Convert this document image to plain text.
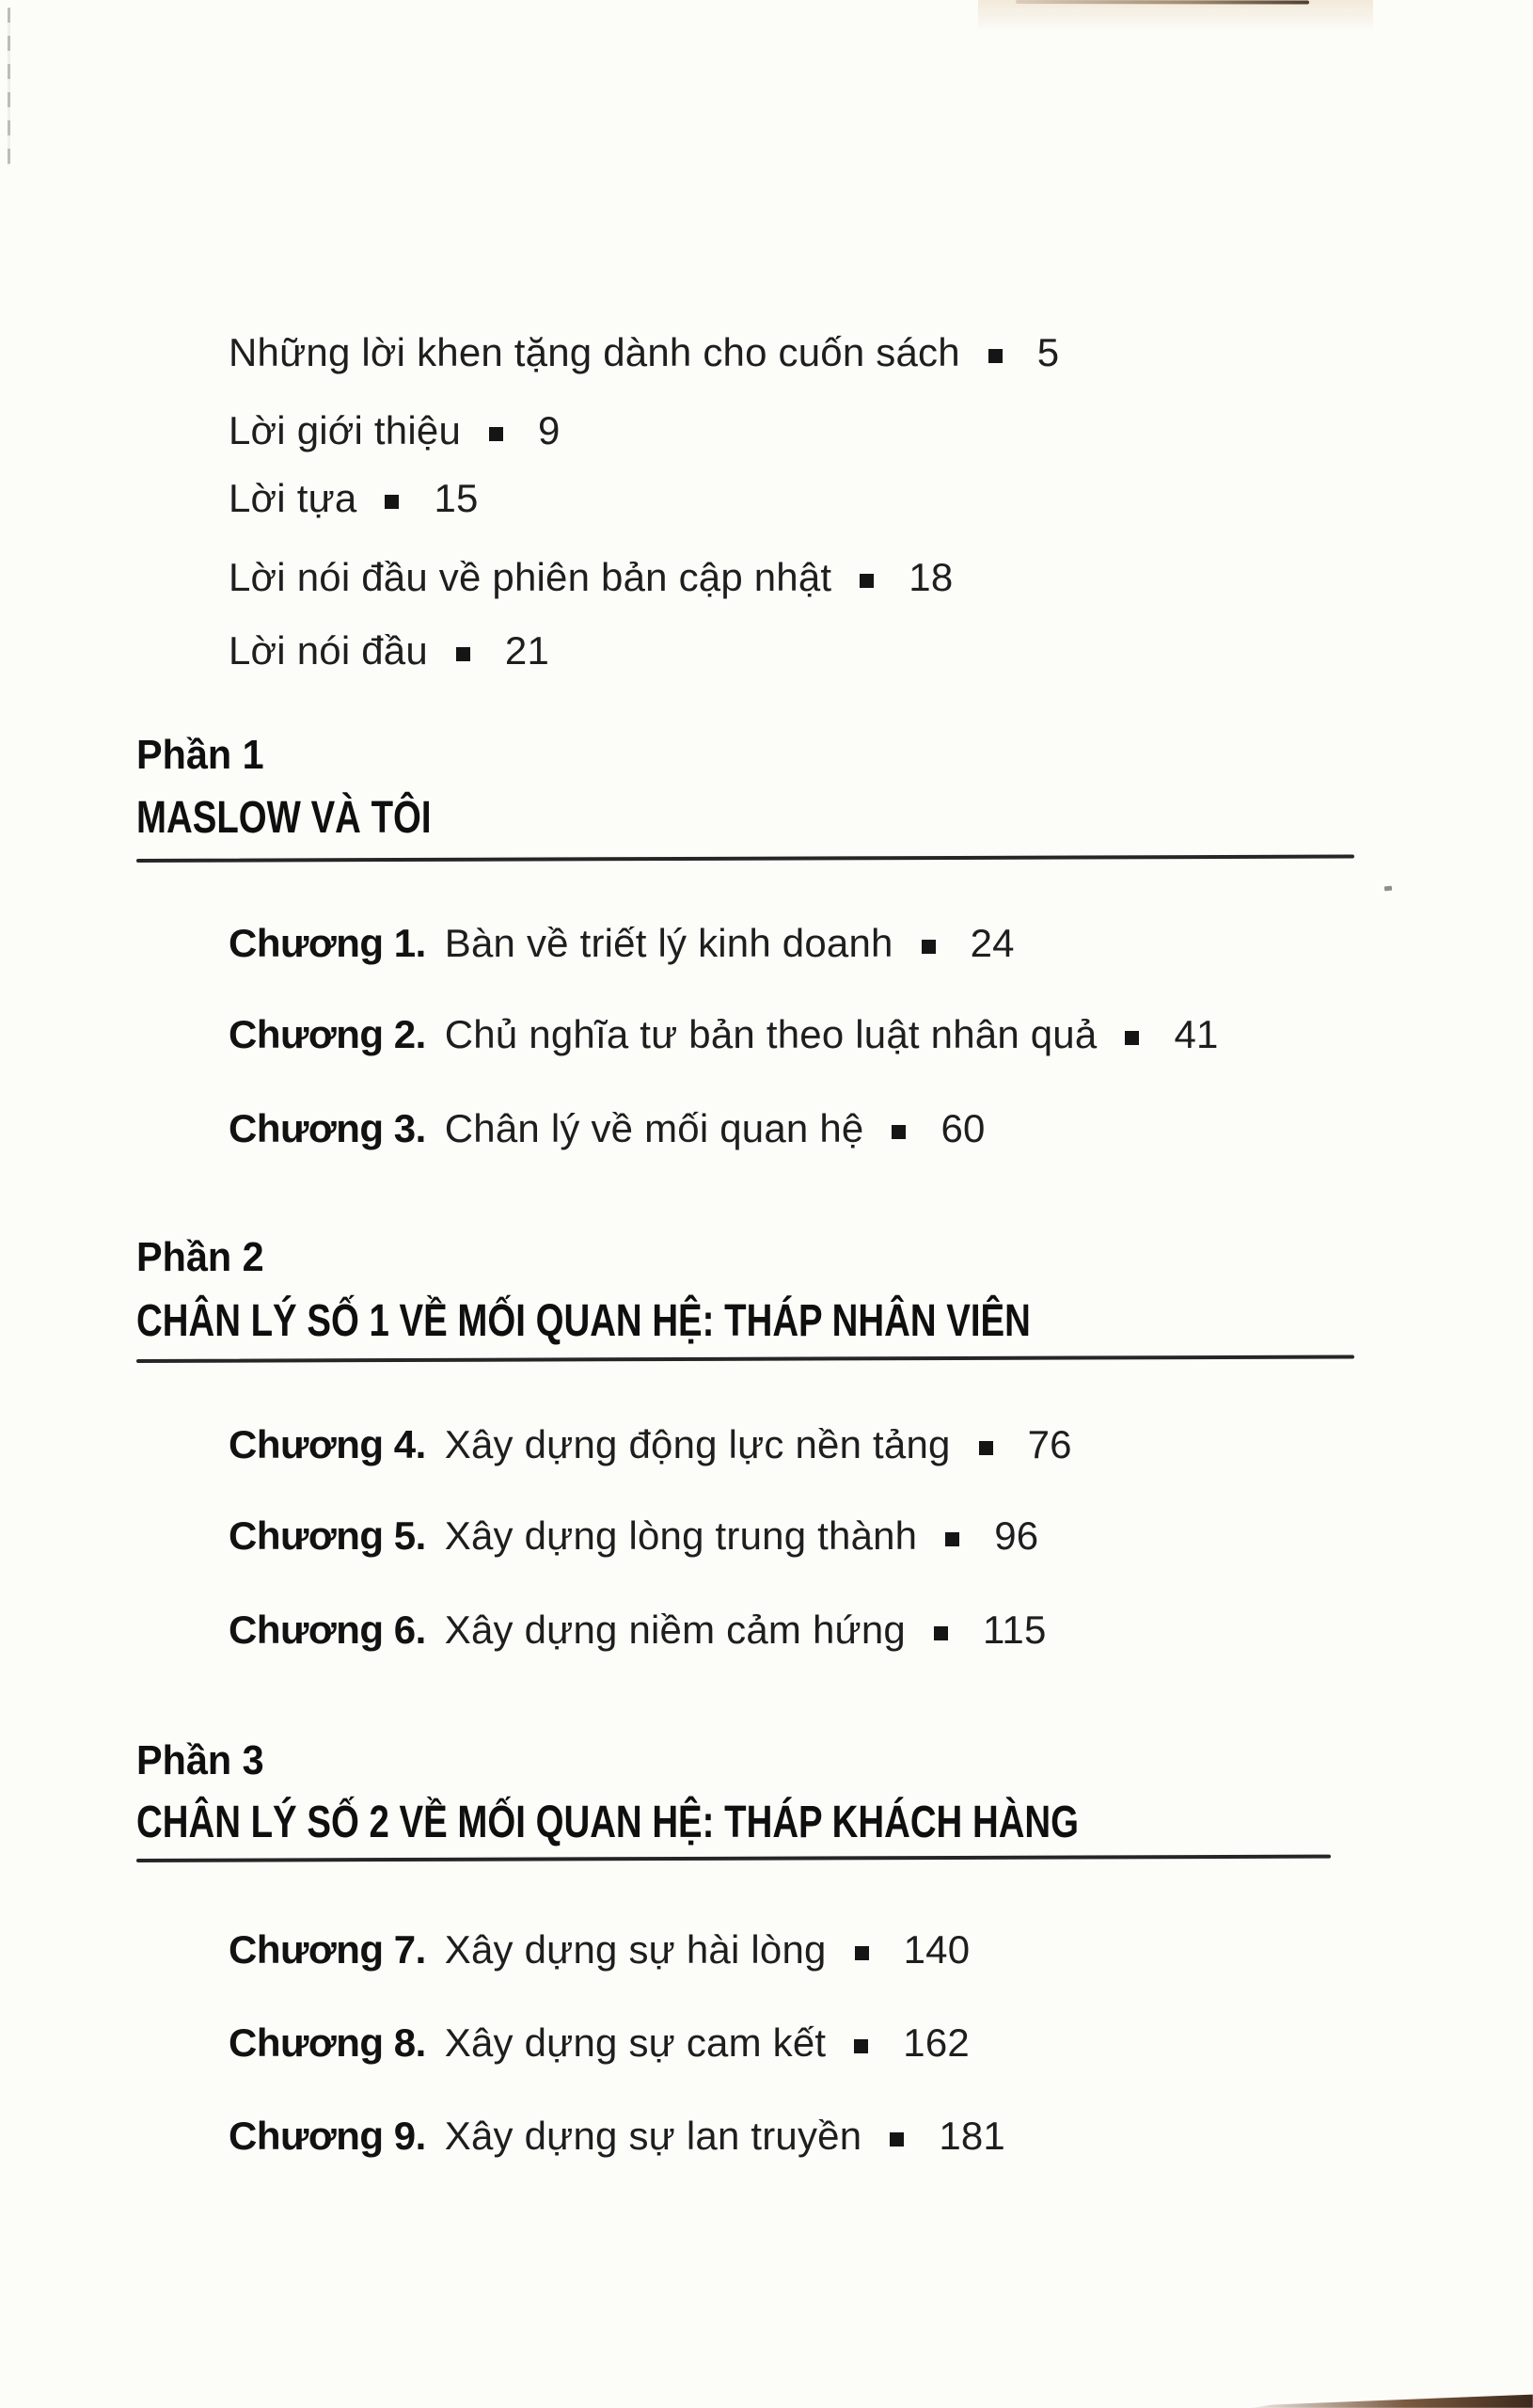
Những lời khen tặng dành cho cuốn sách 5
Lời giới thiệu 9
Lời tựa 15
Lời nói đầu về phiên bản cập nhật 18
Lời nói đầu 21
Phần 1
MASLOW VÀ TÔI
Chương 1. Bàn về triết lý kinh doanh 24
Chương 2. Chủ nghĩa tư bản theo luật nhân quả 41
Chương 3. Chân lý về mối quan hệ 60
Phần 2
CHÂN LÝ SỐ 1 VỀ MỐI QUAN HỆ: THÁP NHÂN VIÊN
Chương 4. Xây dựng động lực nền tảng 76
Chương 5. Xây dựng lòng trung thành 96
Chương 6. Xây dựng niềm cảm hứng 115
Phần 3
CHÂN LÝ SỐ 2 VỀ MỐI QUAN HỆ: THÁP KHÁCH HÀNG
Chương 7. Xây dựng sự hài lòng 140
Chương 8. Xây dựng sự cam kết 162
Chương 9. Xây dựng sự lan truyền 181
